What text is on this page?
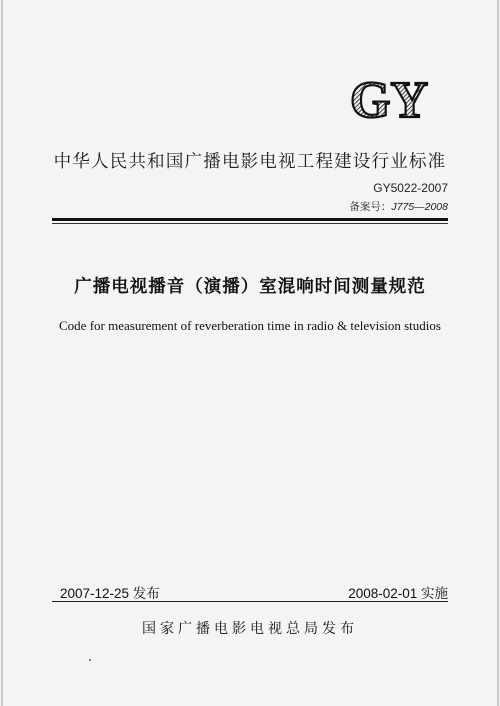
GY
中华人民共和国广播电影电视工程建设行业标准
GY5022-2007
备案号：J775—2008
广播电视播音（演播）室混响时间测量规范
Code for measurement of reverberation time in radio & television studios
2007-12-25 发布	2008-02-01 实施
国家广播电影电视总局发布
